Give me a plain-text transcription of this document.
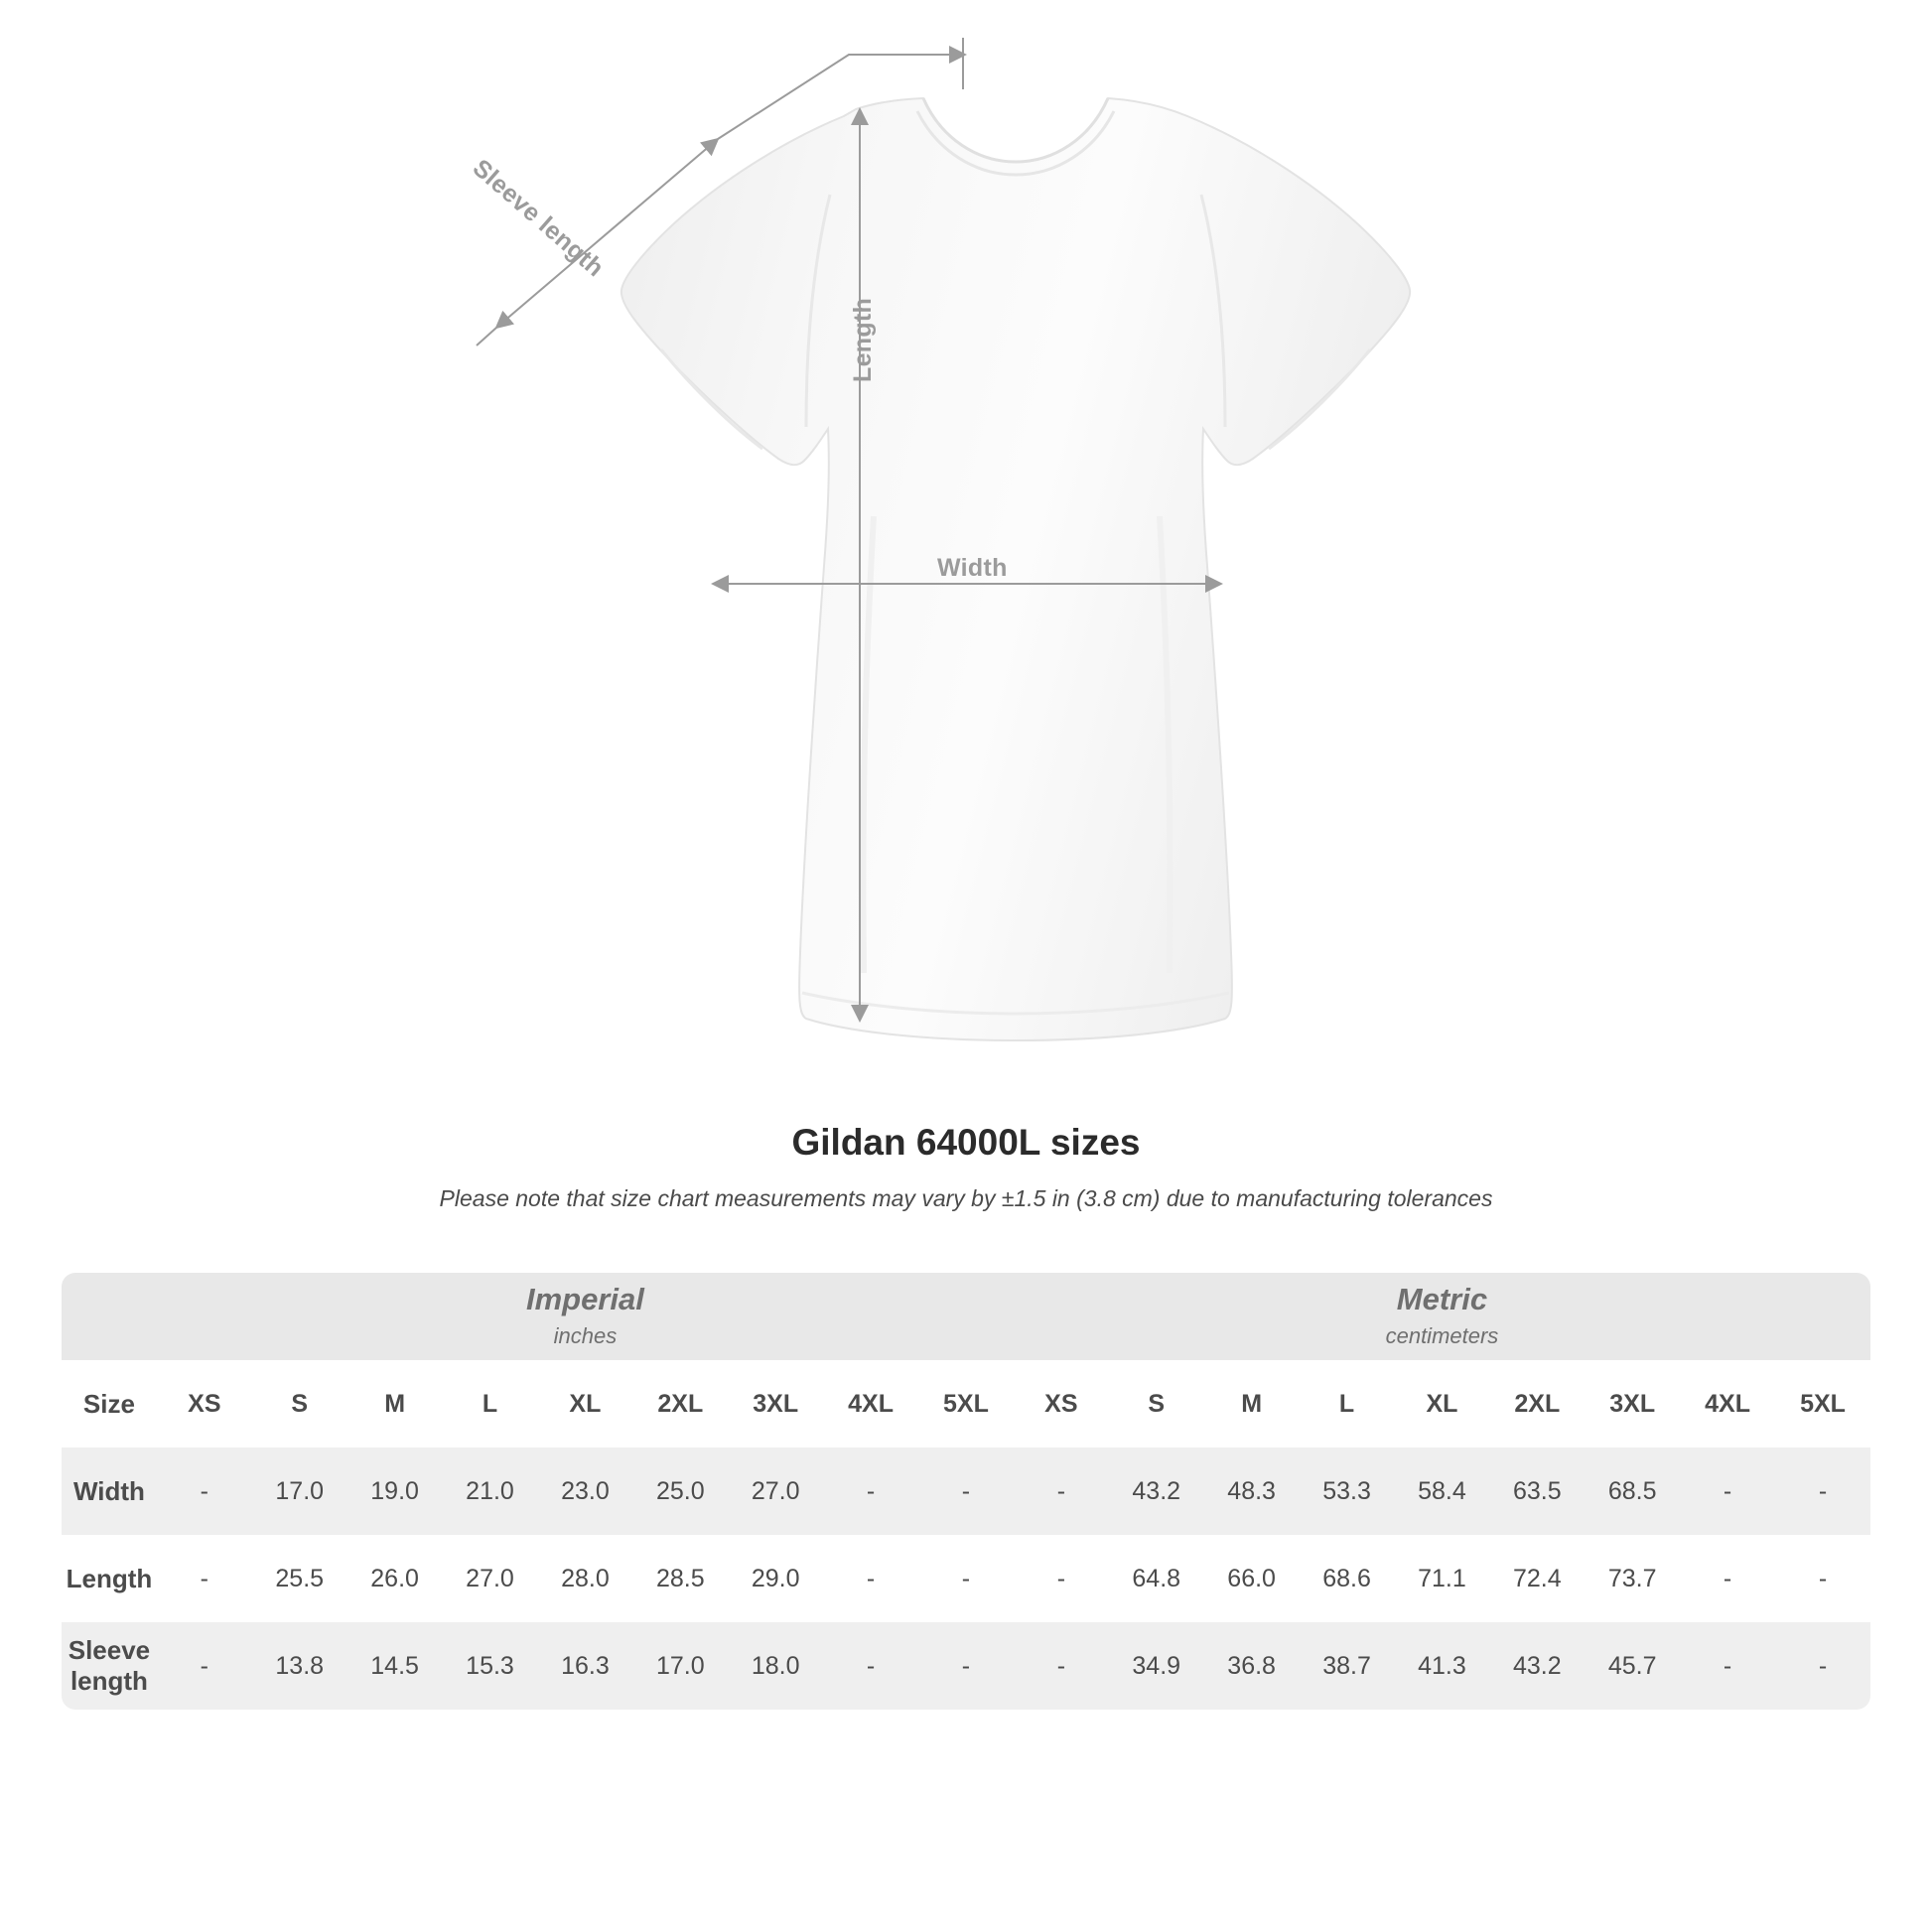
Width
Length
Sleeve length
Gildan 64000L sizes

Please note that size chart measurements may vary by ±1.5 in (3.8 cm) due to manufacturing tolerances

Imperial
inches

Metric
centimeters

Size	XS	S	M	L	XL	2XL	3XL	4XL	5XL	XS	S	M	L	XL	2XL	3XL	4XL	5XL
Width	-	17.0	19.0	21.0	23.0	25.0	27.0	-	-	-	43.2	48.3	53.3	58.4	63.5	68.5	-	-
Length	-	25.5	26.0	27.0	28.0	28.5	29.0	-	-	-	64.8	66.0	68.6	71.1	72.4	73.7	-	-
Sleeve length	-	13.8	14.5	15.3	16.3	17.0	18.0	-	-	-	34.9	36.8	38.7	41.3	43.2	45.7	-	-
